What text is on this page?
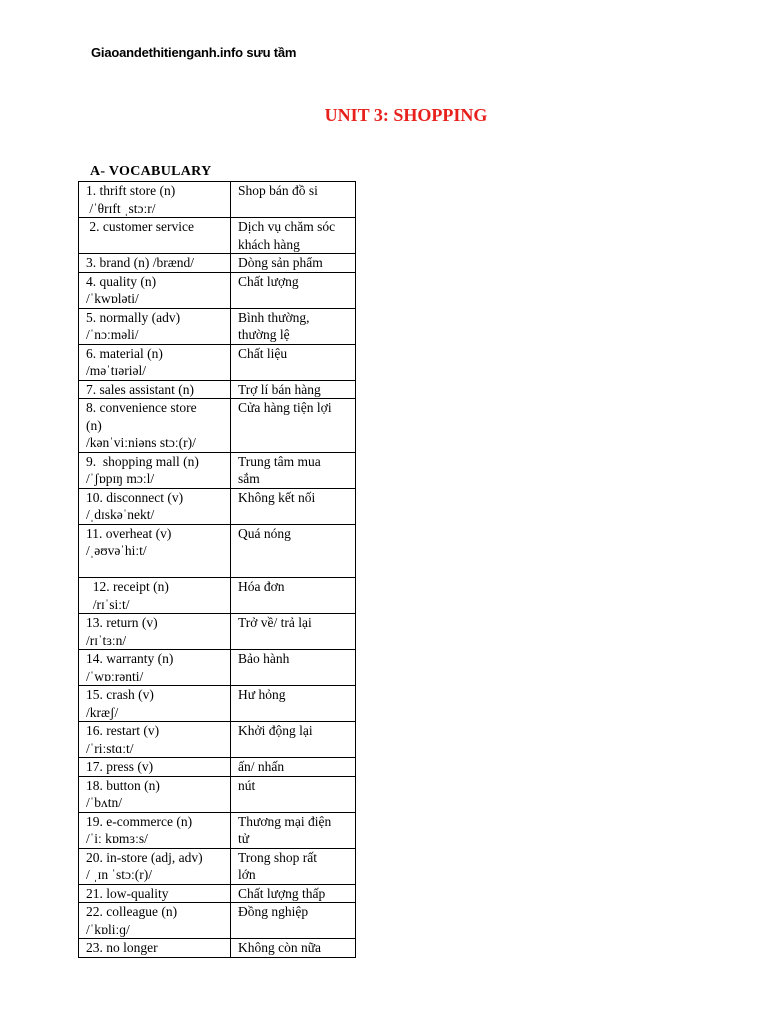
Giaoandethitienganh.info sưu tầm
UNIT 3: SHOPPING
A- VOCABULARY
1. thrift store (n)
/ˈθrɪft ˌstɔːr/	Shop bán đồ si

2. customer service	Dịch vụ chăm sóc
khách hàng

3. brand (n) /brænd/	Dòng sản phẩm

4. quality (n)
/ˈkwɒləti/	Chất lượng

5. normally (adv)
/ˈnɔːməli/	Bình thường,
thường lệ

6. material (n)
/məˈtɪəriəl/	Chất liệu

7. sales assistant (n)	Trợ lí bán hàng

8. convenience store
(n)
/kənˈviːniəns stɔː(r)/	Cửa hàng tiện lợi

9.  shopping mall (n)
/ˈʃɒpɪŋ mɔːl/	Trung tâm mua
sắm

10. disconnect (v)
/ˌdɪskəˈnekt/	Không kết nối

11. overheat (v)
/ˌəʊvəˈhiːt/	Quá nóng

12. receipt (n)
/rɪˈsiːt/	Hóa đơn

13. return (v)
/rɪˈtɜːn/	Trở về/ trả lại

14. warranty (n)
/ˈwɒːrənti/	Bảo hành

15. crash (v)
/kræʃ/	Hư hỏng

16. restart (v)
/ˈriːstɑːt/	Khởi động lại

17. press (v)	ấn/ nhấn

18. button (n)
/ˈbʌtn/	nút

19. e-commerce (n)
/ˈiː kɒmɜːs/	Thương mại điện
tử

20. in-store (adj, adv)
/ ˌɪn ˈstɔː(r)/	Trong shop rất
lớn

21. low-quality	Chất lượng thấp

22. colleague (n)
/ˈkɒliːɡ/	Đồng nghiệp

23. no longer	Không còn nữa
